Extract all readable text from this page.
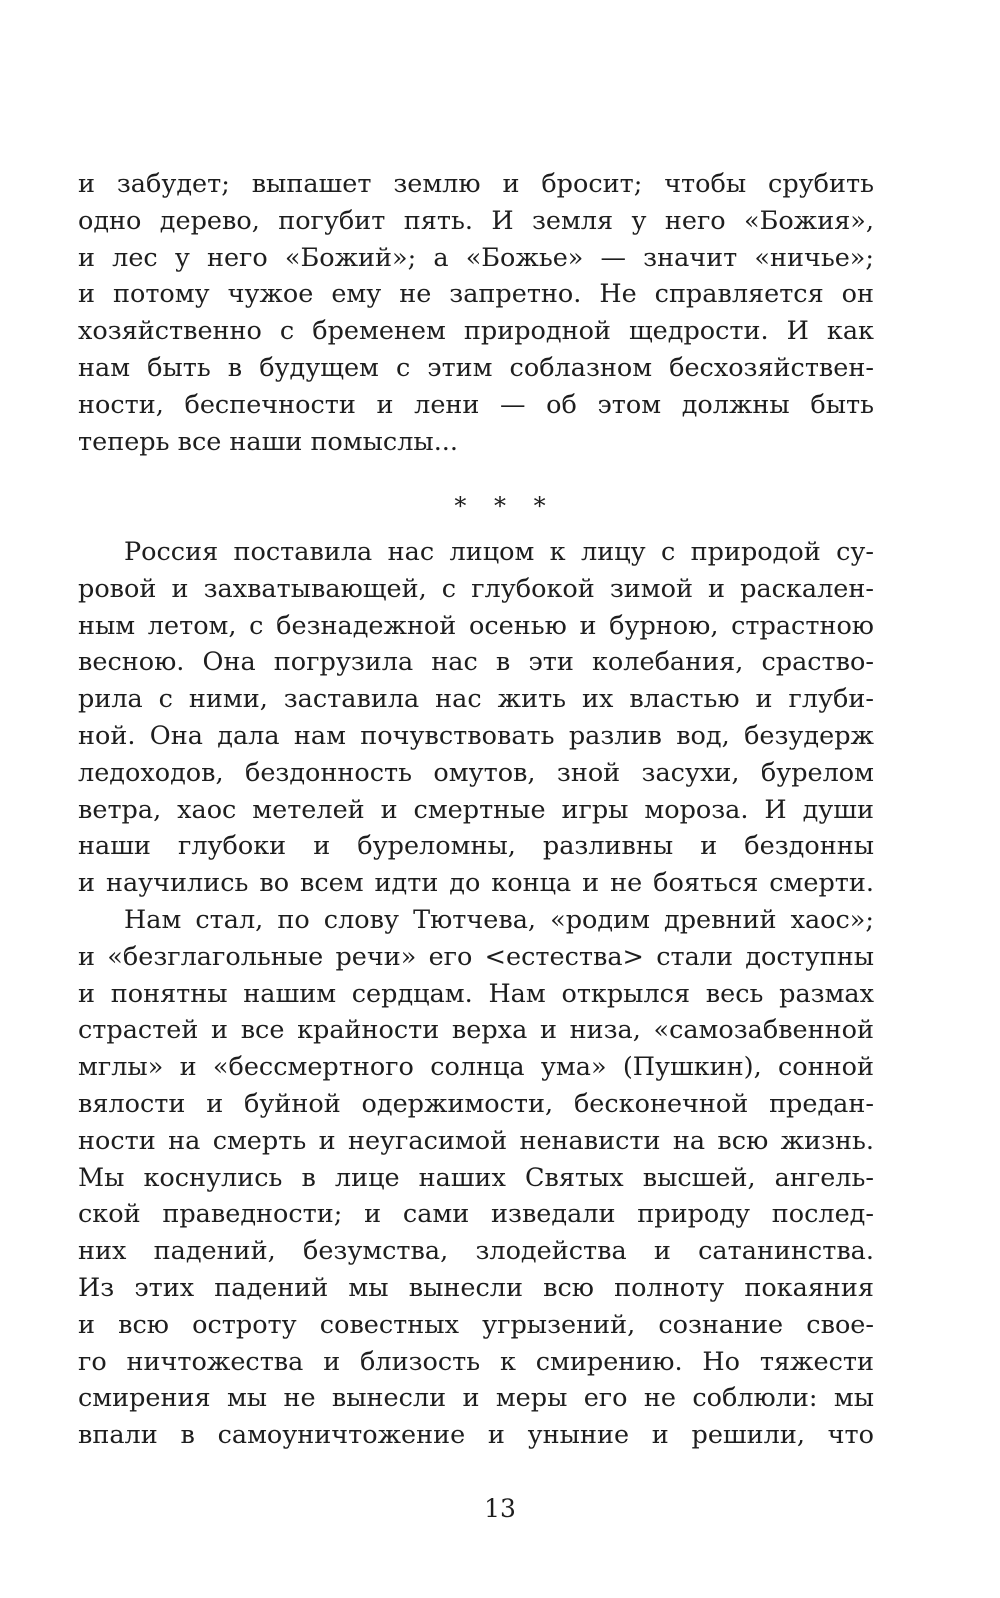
и забудет; выпашет землю и бросит; чтобы срубить
одно дерево, погубит пять. И земля у него «Божия»,
и лес у него «Божий»; а «Божье» — значит «ничье»;
и потому чужое ему не запретно. Не справляется он
хозяйственно с бременем природной щедрости. И как
нам быть в будущем с этим соблазном бесхозяйствен-
ности, беспечности и лени — об этом должны быть
теперь все наши помыслы...
* * *
Россия поставила нас лицом к лицу с природой су-
ровой и захватывающей, с глубокой зимой и раскален-
ным летом, с безнадежной осенью и бурною, страстною
весною. Она погрузила нас в эти колебания, сраство-
рила с ними, заставила нас жить их властью и глуби-
ной. Она дала нам почувствовать разлив вод, безудерж
ледоходов, бездонность омутов, зной засухи, бурелом
ветра, хаос метелей и смертные игры мороза. И души
наши глубоки и буреломны, разливны и бездонны
и научились во всем идти до конца и не бояться смерти.
Нам стал, по слову Тютчева, «родим древний хаос»;
и «безглагольные речи» его <естества> стали доступны
и понятны нашим сердцам. Нам открылся весь размах
страстей и все крайности верха и низа, «самозабвенной
мглы» и «бессмертного солнца ума» (Пушкин), сонной
вялости и буйной одержимости, бесконечной предан-
ности на смерть и неугасимой ненависти на всю жизнь.
Мы коснулись в лице наших Святых высшей, ангель-
ской праведности; и сами изведали природу послед-
них падений, безумства, злодейства и сатанинства.
Из этих падений мы вынесли всю полноту покаяния
и всю остроту совестных угрызений, сознание свое-
го ничтожества и близость к смирению. Но тяжести
смирения мы не вынесли и меры его не соблюли: мы
впали в самоуничтожение и уныние и решили, что
13
